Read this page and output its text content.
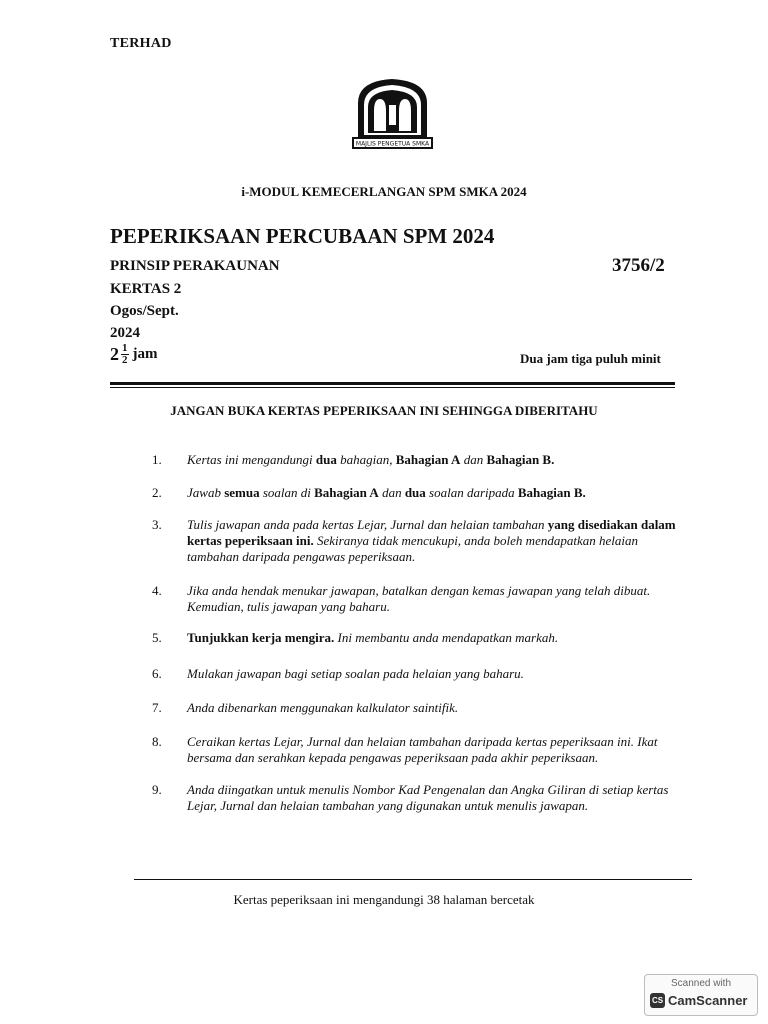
TERHAD
MAJLIS PENGETUA SMKA
i-MODUL KEMECERLANGAN SPM SMKA 2024
PEPERIKSAAN PERCUBAAN SPM 2024
PRINSIP PERAKAUNAN	3756/2
KERTAS 2
Ogos/Sept.
2024
$2 \frac{1}{2}$ jam	Dua jam tiga puluh minit
JANGAN BUKA KERTAS PEPERIKSAAN INI SEHINGGA DIBERITAHU
1.	Kertas ini mengandungi dua bahagian, Bahagian A dan Bahagian B.
2.	Jawab semua soalan di Bahagian A dan dua soalan daripada Bahagian B.
3.	Tulis jawapan anda pada kertas Lejar, Jurnal dan helaian tambahan yang disediakan dalam kertas peperiksaan ini. Sekiranya tidak mencukupi, anda boleh mendapatkan helaian tambahan daripada pengawas peperiksaan.
4.	Jika anda hendak menukar jawapan, batalkan dengan kemas jawapan yang telah dibuat. Kemudian, tulis jawapan yang baharu.
5.	Tunjukkan kerja mengira. Ini membantu anda mendapatkan markah.
6.	Mulakan jawapan bagi setiap soalan pada helaian yang baharu.
7.	Anda dibenarkan menggunakan kalkulator saintifik.
8.	Ceraikan kertas Lejar, Jurnal dan helaian tambahan daripada kertas peperiksaan ini. Ikat bersama dan serahkan kepada pengawas peperiksaan pada akhir peperiksaan.
9.	Anda diingatkan untuk menulis Nombor Kad Pengenalan dan Angka Giliran di setiap kertas Lejar, Jurnal dan helaian tambahan yang digunakan untuk menulis jawapan.
Kertas peperiksaan ini mengandungi 38 halaman bercetak
Scanned with
CS CamScanner
